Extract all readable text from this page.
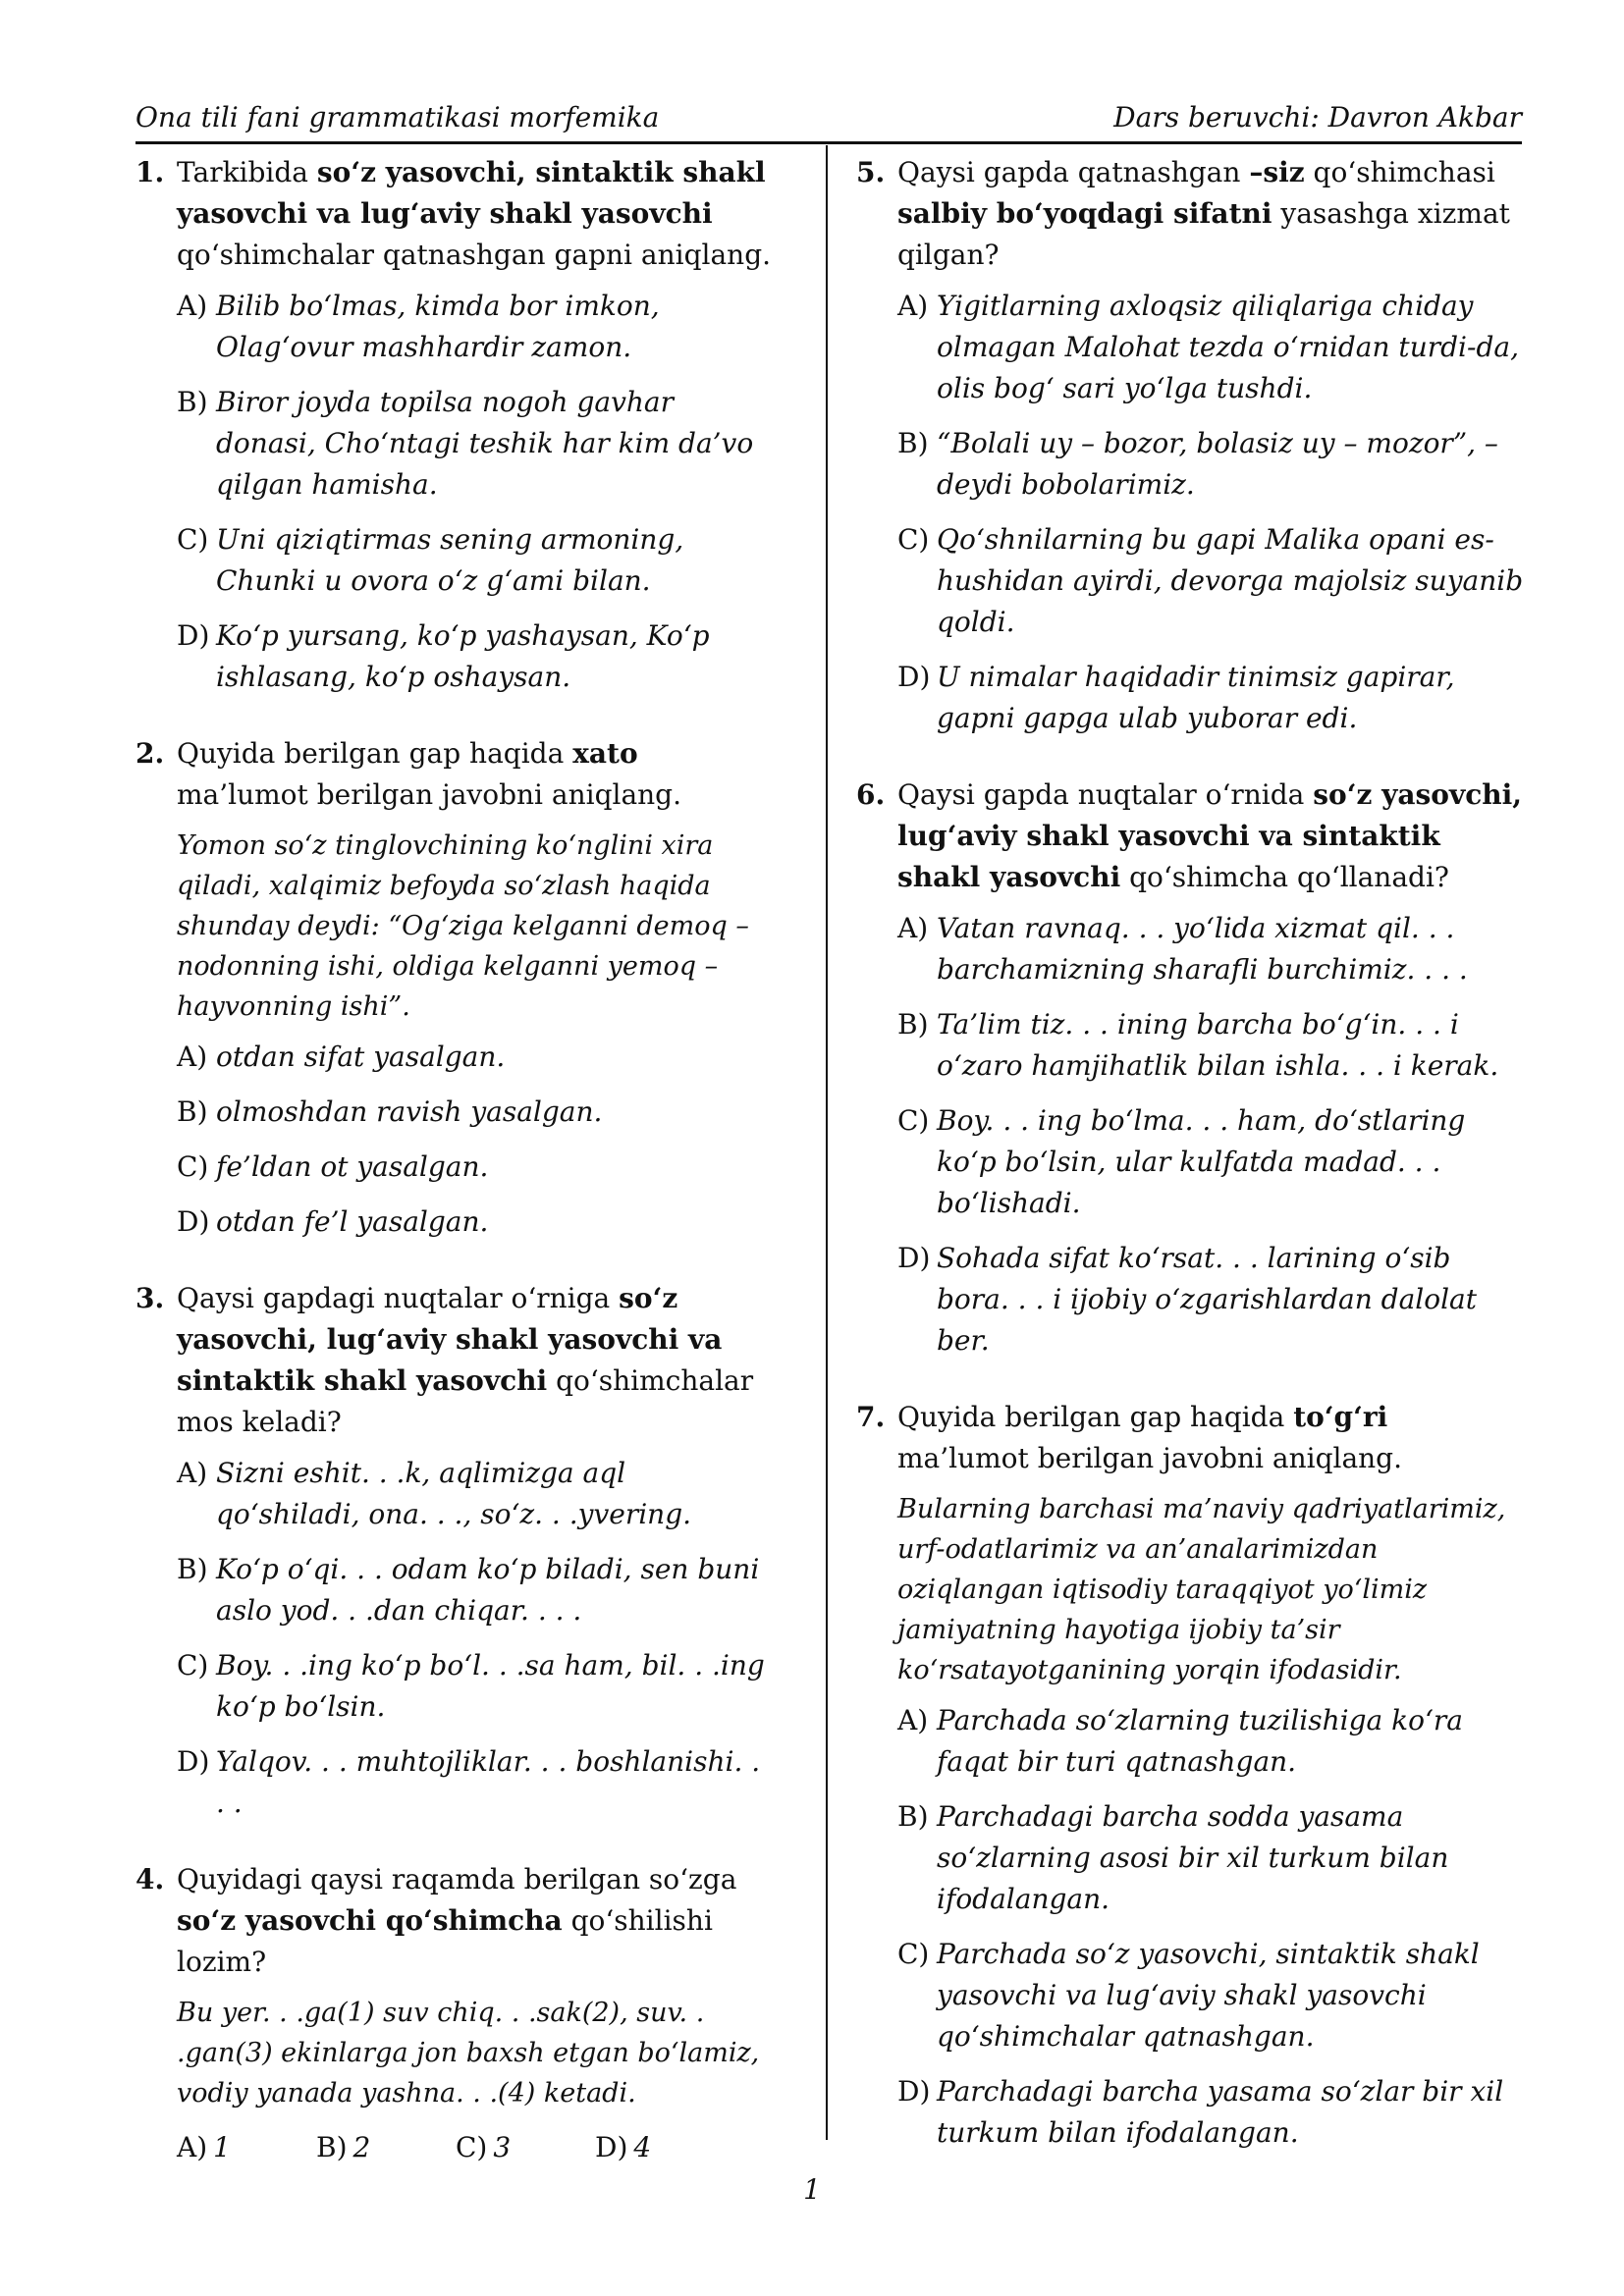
Ona tili fani grammatikasi morfemika	Dars beruvchi: Davron Akbar
1. Tarkibida so‘z yasovchi, sintaktik shakl yasovchi va lug‘aviy shakl yasovchi qo‘shimchalar qatnashgan gapni aniqlang.
A) Bilib bo‘lmas, kimda bor imkon, Olag‘ovur mashhardir zamon.
B) Biror joyda topilsa nogoh gavhar donasi, Cho‘ntagi teshik har kim da’vo qilgan hamisha.
C) Uni qiziqtirmas sening armoning, Chunki u ovora o‘z g‘ami bilan.
D) Ko‘p yursang, ko‘p yashaysan, Ko‘p ishlasang, ko‘p oshaysan.
2. Quyida berilgan gap haqida xato ma’lumot berilgan javobni aniqlang.
Yomon so‘z tinglovchining ko‘nglini xira qiladi, xalqimiz befoyda so‘zlash haqida shunday deydi: “Og‘ziga kelganni demoq – nodonning ishi, oldiga kelganni yemoq – hayvonning ishi”.
A) otdan sifat yasalgan.
B) olmoshdan ravish yasalgan.
C) fe’ldan ot yasalgan.
D) otdan fe’l yasalgan.
3. Qaysi gapdagi nuqtalar o‘rniga so‘z yasovchi, lug‘aviy shakl yasovchi va sintaktik shakl yasovchi qo‘shimchalar mos keladi?
A) Sizni eshit. . .k, aqlimizga aql qo‘shiladi, ona. . ., so‘z. . .yvering.
B) Ko‘p o‘qi. . . odam ko‘p biladi, sen buni aslo yod. . .dan chiqar. . . .
C) Boy. . .ing ko‘p bo‘l. . .sa ham, bil. . .ing ko‘p bo‘lsin.
D) Yalqov. . . muhtojliklar. . . boshlanishi. . . .
4. Quyidagi qaysi raqamda berilgan so‘zga so‘z yasovchi qo‘shimcha qo‘shilishi lozim?
Bu yer. . .ga(1) suv chiq. . .sak(2), suv. . .gan(3) ekinlarga jon baxsh etgan bo‘lamiz, vodiy yanada yashna. . .(4) ketadi.
A) 1	B) 2	C) 3	D) 4
5. Qaysi gapda qatnashgan –siz qo‘shimchasi salbiy bo‘yoqdagi sifatni yasashga xizmat qilgan?
A) Yigitlarning axloqsiz qiliqlariga chiday olmagan Malohat tezda o‘rnidan turdi-da, olis bog‘ sari yo‘lga tushdi.
B) “Bolali uy – bozor, bolasiz uy – mozor”, – deydi bobolarimiz.
C) Qo‘shnilarning bu gapi Malika opani es-hushidan ayirdi, devorga majolsiz suyanib qoldi.
D) U nimalar haqidadir tinimsiz gapirar, gapni gapga ulab yuborar edi.
6. Qaysi gapda nuqtalar o‘rnida so‘z yasovchi, lug‘aviy shakl yasovchi va sintaktik shakl yasovchi qo‘shimcha qo‘llanadi?
A) Vatan ravnaq. . . yo‘lida xizmat qil. . . barchamizning sharafli burchimiz. . . .
B) Ta’lim tiz. . . ining barcha bo‘g‘in. . . i o‘zaro hamjihatlik bilan ishla. . . i kerak.
C) Boy. . . ing bo‘lma. . . ham, do‘stlaring ko‘p bo‘lsin, ular kulfatda madad. . . bo‘lishadi.
D) Sohada sifat ko‘rsat. . . larining o‘sib bora. . . i ijobiy o‘zgarishlardan dalolat ber.
7. Quyida berilgan gap haqida to‘g‘ri ma’lumot berilgan javobni aniqlang.
Bularning barchasi ma’naviy qadriyatlarimiz, urf-odatlarimiz va an’analarimizdan oziqlangan iqtisodiy taraqqiyot yo‘limiz jamiyatning hayotiga ijobiy ta’sir ko‘rsatayotganining yorqin ifodasidir.
A) Parchada so‘zlarning tuzilishiga ko‘ra faqat bir turi qatnashgan.
B) Parchadagi barcha sodda yasama so‘zlarning asosi bir xil turkum bilan ifodalangan.
C) Parchada so‘z yasovchi, sintaktik shakl yasovchi va lug‘aviy shakl yasovchi qo‘shimchalar qatnashgan.
D) Parchadagi barcha yasama so‘zlar bir xil turkum bilan ifodalangan.
1
